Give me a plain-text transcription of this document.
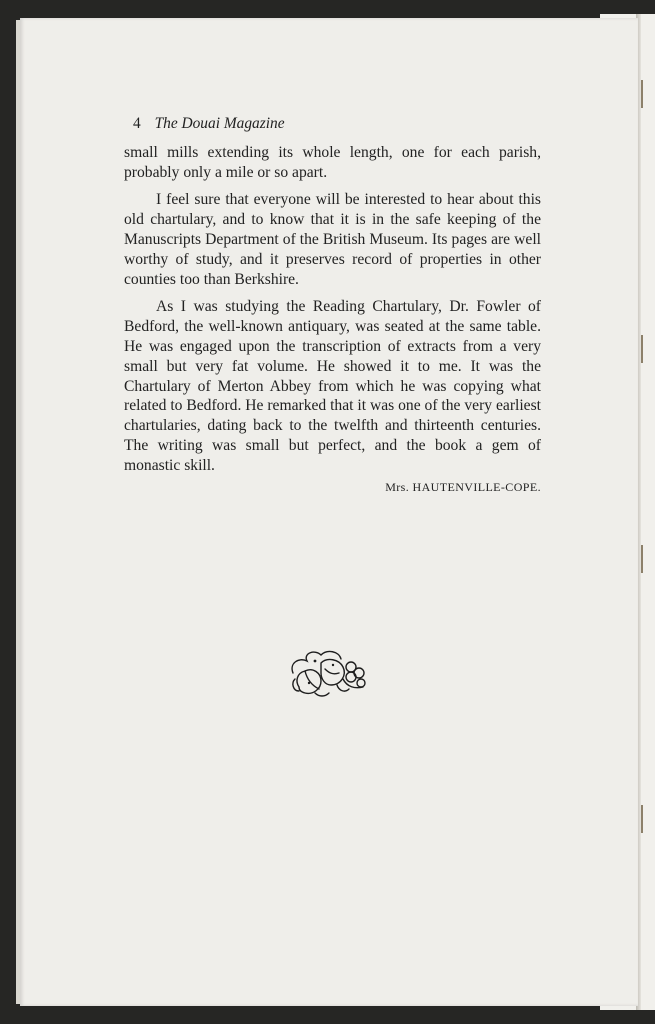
4 The Douai Magazine

small mills extending its whole length, one for each parish, probably only a mile or so apart.

I feel sure that everyone will be interested to hear about this old chartulary, and to know that it is in the safe keeping of the Manuscripts Department of the British Museum. Its pages are well worthy of study, and it preserves record of properties in other counties too than Berkshire.

As I was studying the Reading Chartulary, Dr. Fowler of Bedford, the well-known antiquary, was seated at the same table. He was engaged upon the transcription of extracts from a very small but very fat volume. He showed it to me. It was the Chartulary of Merton Abbey from which he was copying what related to Bedford. He remarked that it was one of the very earliest chartularies, dating back to the twelfth and thirteenth centuries. The writing was small but perfect, and the book a gem of monastic skill.

Mrs. HAUTENVILLE-COPE.
